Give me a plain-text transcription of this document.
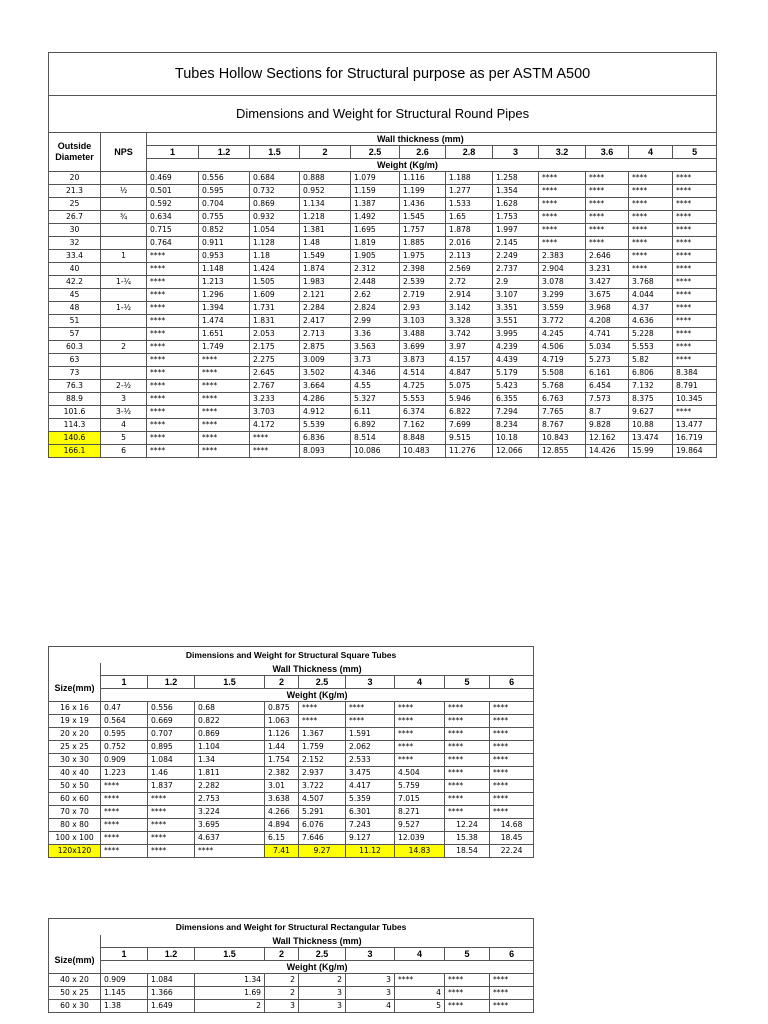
Tubes Hollow Sections for Structural purpose as per ASTM A500													
Dimensions and Weight for Structural Round Pipes													
Outside
Diameter	NPS	Wall thickness (mm)											
		1	1.2	1.5	2	2.5	2.6	2.8	3	3.2	3.6	4	5
		Weight (Kg/m)											
20		0.469	0.556	0.684	0.888	1.079	1.116	1.188	1.258	****	****	****	****
21.3	½	0.501	0.595	0.732	0.952	1.159	1.199	1.277	1.354	****	****	****	****
25		0.592	0.704	0.869	1.134	1.387	1.436	1.533	1.628	****	****	****	****
26.7	¾	0.634	0.755	0.932	1.218	1.492	1.545	1.65	1.753	****	****	****	****
30		0.715	0.852	1.054	1.381	1.695	1.757	1.878	1.997	****	****	****	****
32		0.764	0.911	1.128	1.48	1.819	1.885	2.016	2.145	****	****	****	****
33.4	1	****	0.953	1.18	1.549	1.905	1.975	2.113	2.249	2.383	2.646	****	****
40		****	1.148	1.424	1.874	2.312	2.398	2.569	2.737	2.904	3.231	****	****
42.2	1-¼	****	1.213	1.505	1.983	2.448	2.539	2.72	2.9	3.078	3.427	3.768	****
45		****	1.296	1.609	2.121	2.62	2.719	2.914	3.107	3.299	3.675	4.044	****
48	1-½	****	1.394	1.731	2.284	2.824	2.93	3.142	3.351	3.559	3.968	4.37	****
51		****	1.474	1.831	2.417	2.99	3.103	3.328	3.551	3.772	4.208	4.636	****
57		****	1.651	2.053	2.713	3.36	3.488	3.742	3.995	4.245	4.741	5.228	****
60.3	2	****	1.749	2.175	2.875	3.563	3.699	3.97	4.239	4.506	5.034	5.553	****
63		****	****	2.275	3.009	3.73	3.873	4.157	4.439	4.719	5.273	5.82	****
73		****	****	2.645	3.502	4.346	4.514	4.847	5.179	5.508	6.161	6.806	8.384
76.3	2-½	****	****	2.767	3.664	4.55	4.725	5.075	5.423	5.768	6.454	7.132	8.791
88.9	3	****	****	3.233	4.286	5.327	5.553	5.946	6.355	6.763	7.573	8.375	10.345
101.6	3-½	****	****	3.703	4.912	6.11	6.374	6.822	7.294	7.765	8.7	9.627	****
114.3	4	****	****	4.172	5.539	6.892	7.162	7.699	8.234	8.767	9.828	10.88	13.477
140.6	5	****	****	****	6.836	8.514	8.848	9.515	10.18	10.843	12.162	13.474	16.719
166.1	6	****	****	****	8.093	10.086	10.483	11.276	12.066	12.855	14.426	15.99	19.864
Dimensions and Weight for Structural Square Tubes									
	Wall Thickness (mm)								
Size(mm)	1	1.2	1.5	2	2.5	3	4	5	6
	Weight (Kg/m)								
16 x 16	0.47	0.556	0.68	0.875	****	****	****	****	****
19 x 19	0.564	0.669	0.822	1.063	****	****	****	****	****
20 x 20	0.595	0.707	0.869	1.126	1.367	1.591	****	****	****
25 x 25	0.752	0.895	1.104	1.44	1.759	2.062	****	****	****
30 x 30	0.909	1.084	1.34	1.754	2.152	2.533	****	****	****
40 x 40	1.223	1.46	1.811	2.382	2.937	3.475	4.504	****	****
50 x 50	****	1.837	2.282	3.01	3.722	4.417	5.759	****	****
60 x 60	****	****	2.753	3.638	4.507	5.359	7.015	****	****
70 x 70	****	****	3.224	4.266	5.291	6.301	8.271	****	****
80 x 80	****	****	3.695	4.894	6.076	7.243	9.527	12.24	14.68
100 x 100	****	****	4.637	6.15	7.646	9.127	12.039	15.38	18.45
120x120	****	****	****	7.41	9.27	11.12	14.83	18.54	22.24
Dimensions and Weight for Structural Rectangular Tubes									
	Wall Thickness (mm)								
Size(mm)	1	1.2	1.5	2	2.5	3	4	5	6
	Weight (Kg/m)								
40 x 20	0.909	1.084	1.34	2	2	3	****	****	****
50 x 25	1.145	1.366	1.69	2	3	3	4	****	****
60 x 30	1.38	1.649	2	3	3	4	5	****	****
